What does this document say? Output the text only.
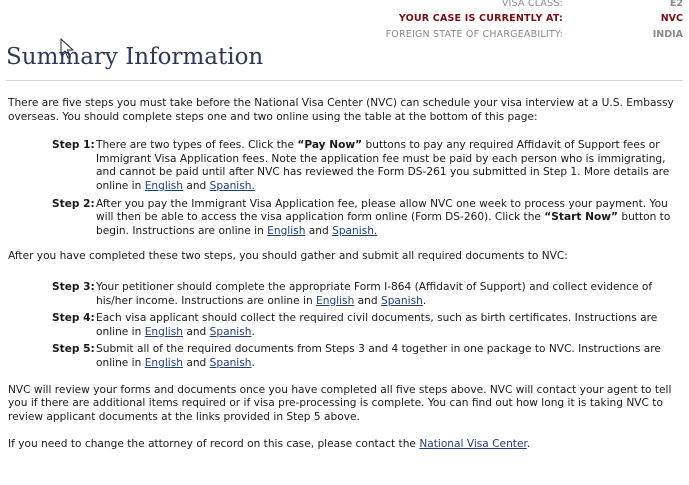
VISA CLASS:	E2
YOUR CASE IS CURRENTLY AT:	NVC
FOREIGN STATE OF CHARGEABILITY:	INDIA
Summary Information

There are five steps you must take before the National Visa Center (NVC) can schedule your visa interview at a U.S. Embassy overseas. You should complete steps one and two online using the table at the bottom of this page:

Step 1: There are two types of fees. Click the “Pay Now” buttons to pay any required Affidavit of Support fees or Immigrant Visa Application fees. Note the application fee must be paid by each person who is immigrating, and cannot be paid until after NVC has reviewed the Form DS-261 you submitted in Step 1. More details are online in English and Spanish.
Step 2: After you pay the Immigrant Visa Application fee, please allow NVC one week to process your payment. You will then be able to access the visa application form online (Form DS-260). Click the “Start Now” button to begin. Instructions are online in English and Spanish.

After you have completed these two steps, you should gather and submit all required documents to NVC:

Step 3: Your petitioner should complete the appropriate Form I-864 (Affidavit of Support) and collect evidence of his/her income. Instructions are online in English and Spanish.
Step 4: Each visa applicant should collect the required civil documents, such as birth certificates. Instructions are online in English and Spanish.
Step 5: Submit all of the required documents from Steps 3 and 4 together in one package to NVC. Instructions are online in English and Spanish.

NVC will review your forms and documents once you have completed all five steps above. NVC will contact your agent to tell you if there are additional items required or if visa pre-processing is complete. You can find out how long it is taking NVC to review applicant documents at the links provided in Step 5 above.

If you need to change the attorney of record on this case, please contact the National Visa Center.
